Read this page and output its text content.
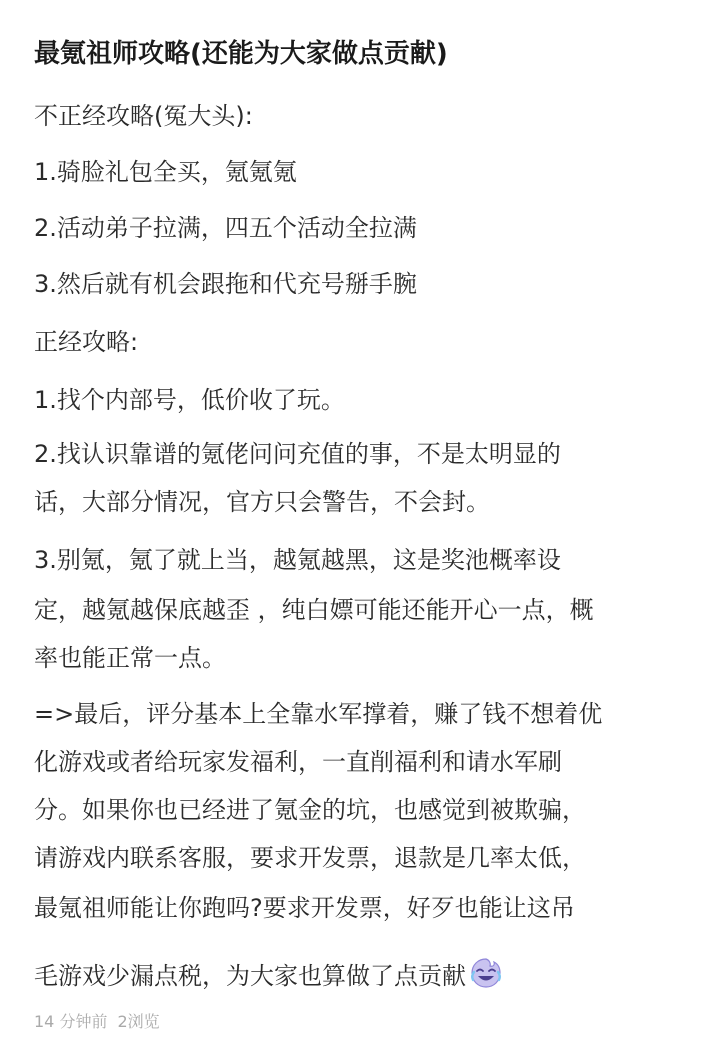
最氪祖师攻略(还能为大家做点贡献)
不正经攻略(冤大头):
1.骑脸礼包全买，氪氪氪
2.活动弟子拉满，四五个活动全拉满
3.然后就有机会跟拖和代充号掰手腕
正经攻略:
1.找个内部号，低价收了玩。
2.找认识靠谱的氪佬问问充值的事，不是太明显的
话，大部分情况，官方只会警告，不会封。
3.别氪，氪了就上当，越氪越黑，这是奖池概率设
定，越氪越保底越歪 ，纯白嫖可能还能开心一点，概
率也能正常一点。
=>最后，评分基本上全靠水军撑着，赚了钱不想着优
化游戏或者给玩家发福利，一直削福利和请水军刷
分。如果你也已经进了氪金的坑，也感觉到被欺骗，
请游戏内联系客服，要求开发票，退款是几率太低，
最氪祖师能让你跑吗?要求开发票，好歹也能让这吊
毛游戏少漏点税，为大家也算做了点贡献
14 分钟前 2浏览
